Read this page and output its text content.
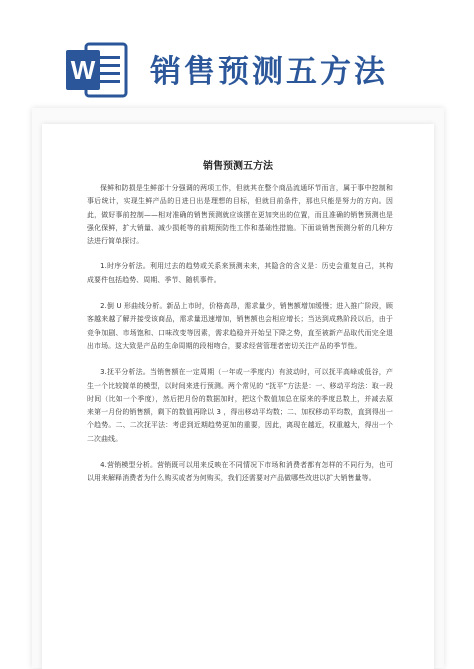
W 销售预测五方法
销售预测五方法

保鲜和防损是生鲜部十分强调的两项工作，但就其在整个商品流通环节而言，属于事中控制和事后统计，实现生鲜产品的日进日出是理想的目标，但就目前条件，那也只能是努力的方向。因此，做好事前控制——相对准确的销售预测就应该摆在更加突出的位置，而且准确的销售预测也是强化保鲜，扩大销量、减少损耗等的前期预防性工作和基础性措施。下面谈销售预测分析的几种方法进行简单探讨。

1.时序分析法。利用过去的趋势或关系来预测未来，其隐含的含义是：历史会重复自己，其构成要件包括趋势、周期、季节、随机事件。

2.倒 U 形曲线分析。新品上市时，价格高昂，需求量少，销售额增加缓慢；进入推广阶段，顾客越来越了解并接受该商品，需求量迅速增加，销售额也会相应增长；当达到成熟阶段以后，由于竞争加剧、市场饱和、口味改变等因素，需求趋稳并开始呈下降之势，直至被新产品取代而完全退出市场。这大致是产品的生命周期的段相吻合，要求经营管理者密切关注产品的季节性。

3.抚平分析法。当销售额在一定周期（一年或一季度内）有波动时，可以抚平高峰或低谷，产生一个比较简单的模型，以时间来进行预测。两个常见的 “抚平”方法是：一、移动平均法：取一段时间（比如一个季度），然后把月份的数据加时，把这个数值加总在原来的季度总数上，并减去原来第一月份的销售额，剩下的数值再除以 3 ，得出移动平均数；二、加权移动平均数，直到得出一个趋势。二、二次抚平法：考虑到近期趋势更加的重要，因此，离现在越近，权重越大，得出一个二次曲线。

4.营销模型分析。营销既可以用来反映在不同情况下市场和消费者都有怎样的不同行为，也可以用来解释消费者为什么购买或者为何购买，我们还需要对产品做哪些改进以扩大销售量等。
